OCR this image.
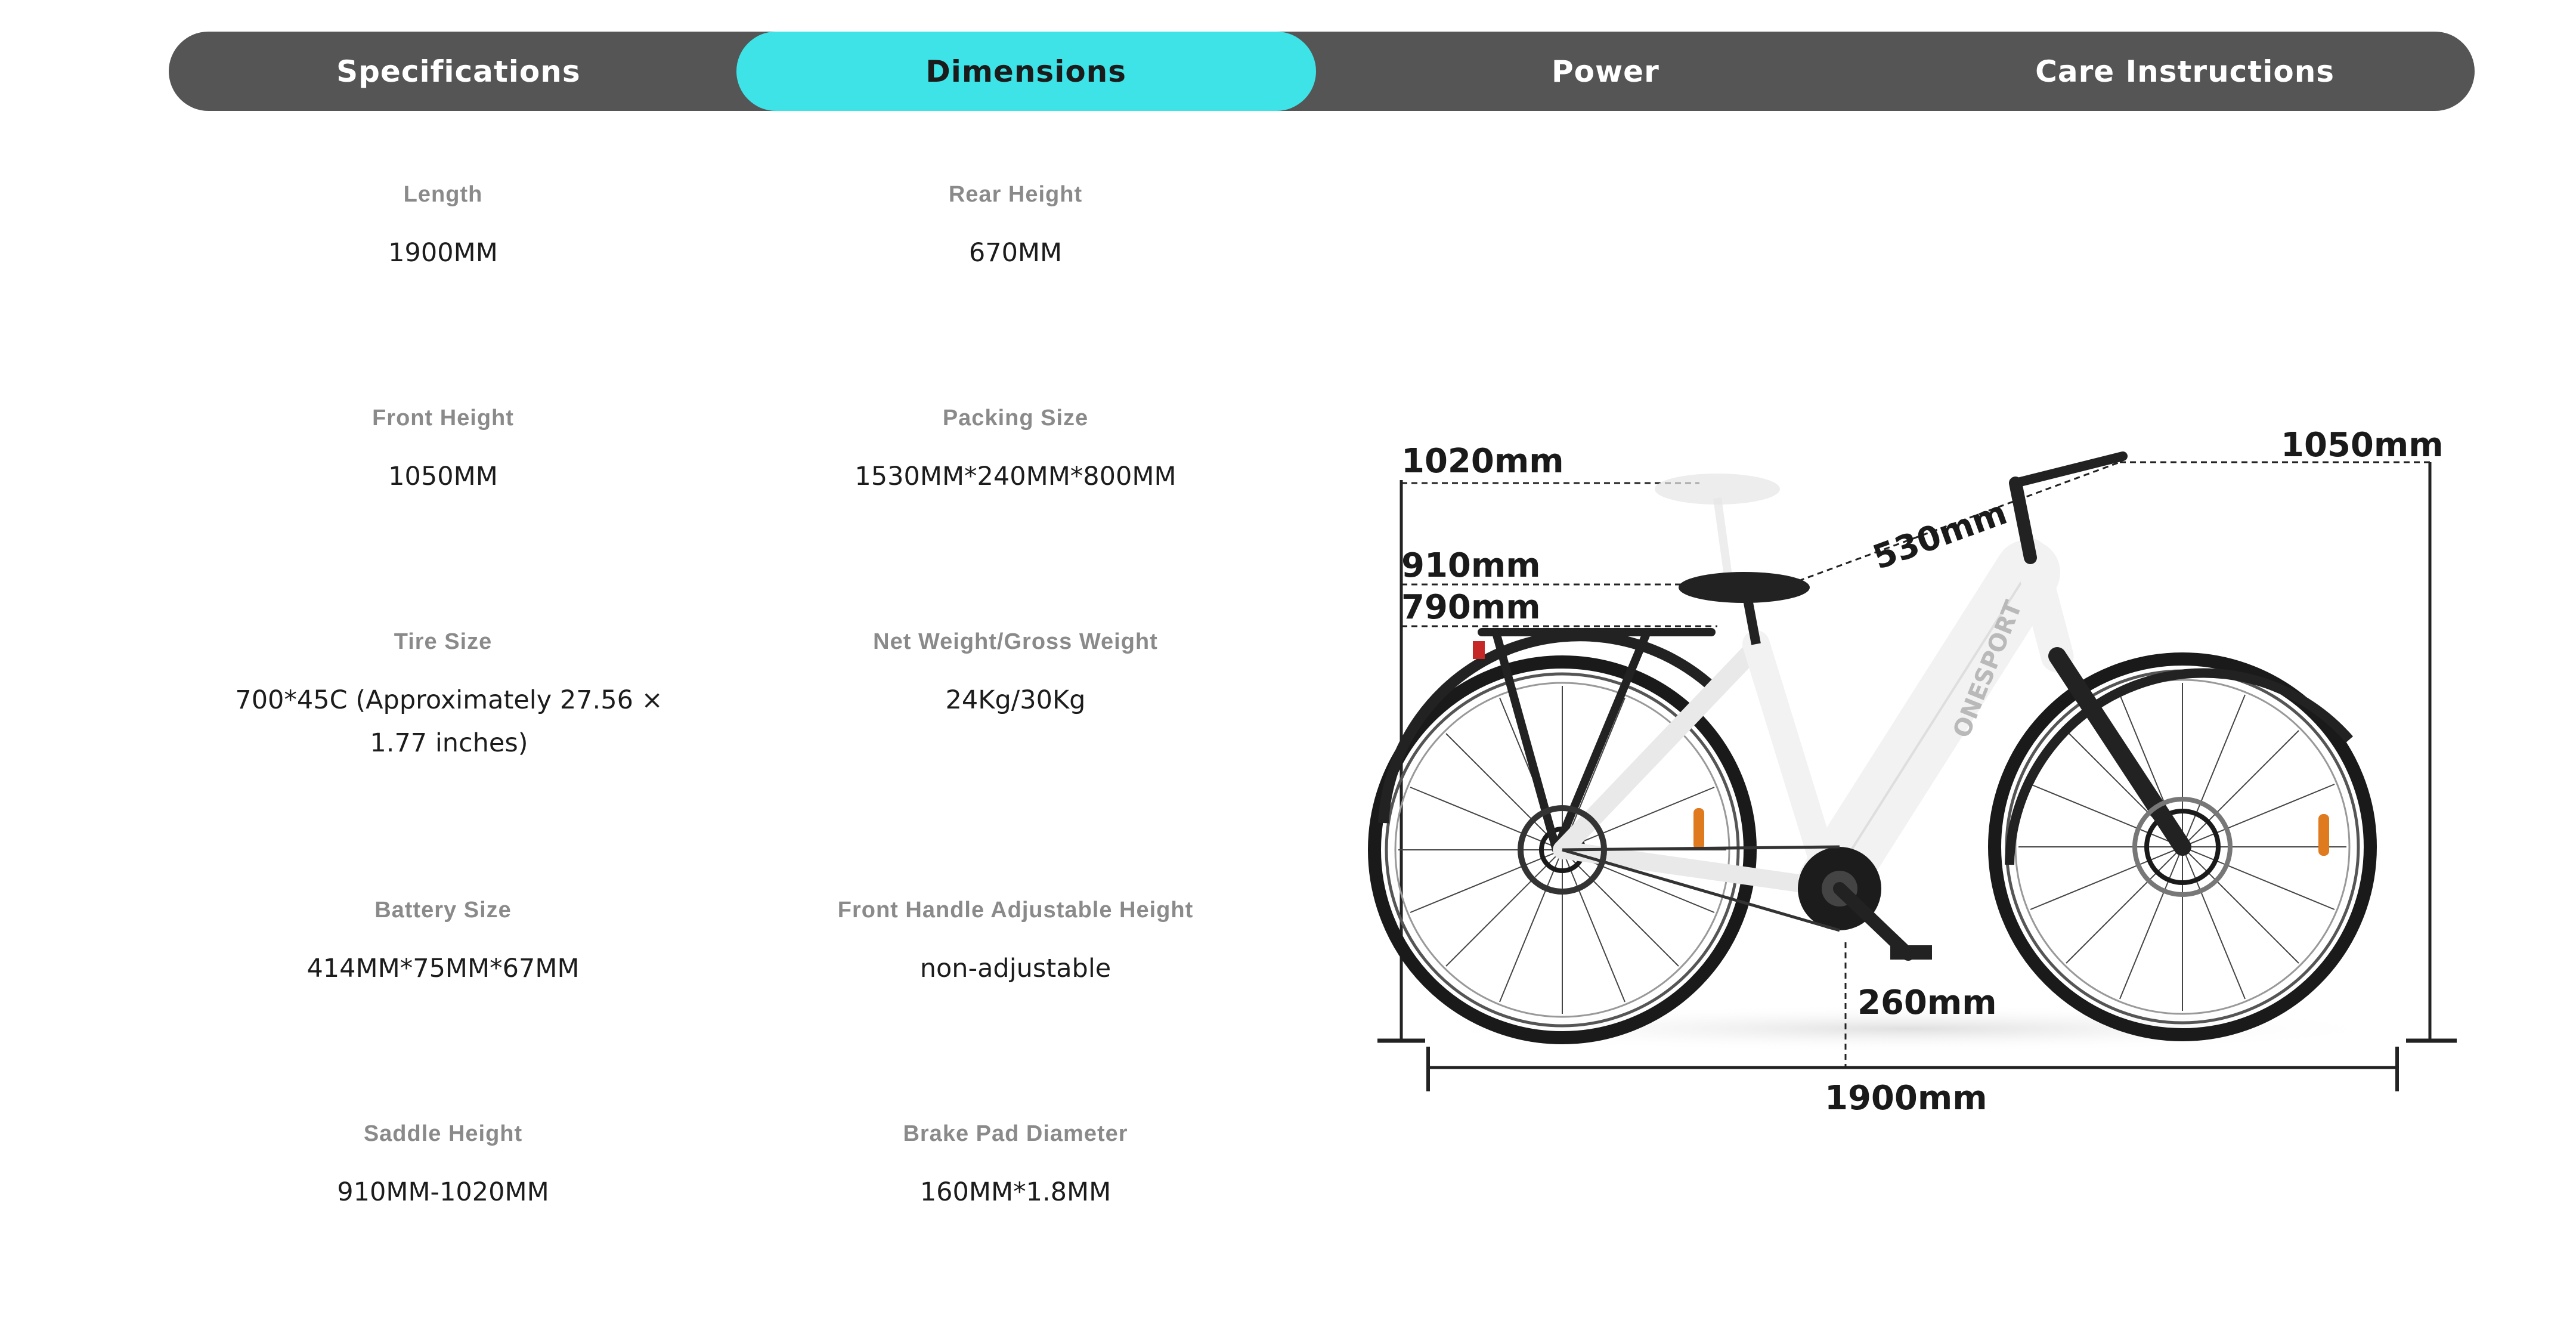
Specifications	Dimensions	Power	Care Instructions
Length
1900MM
Rear Height
670MM
Front Height
1050MM
Packing Size
1530MM*240MM*800MM
Tire Size
700*45C (Approximately 27.56 × 1.77 inches)
Net Weight/Gross Weight
24Kg/30Kg
Battery Size
414MM*75MM*67MM
Front Handle Adjustable Height
non-adjustable
Saddle Height
910MM-1020MM
Brake Pad Diameter
160MM*1.8MM
ONESPORT
1020mm	1050mm
910mm
790mm
530mm
260mm
1900mm
